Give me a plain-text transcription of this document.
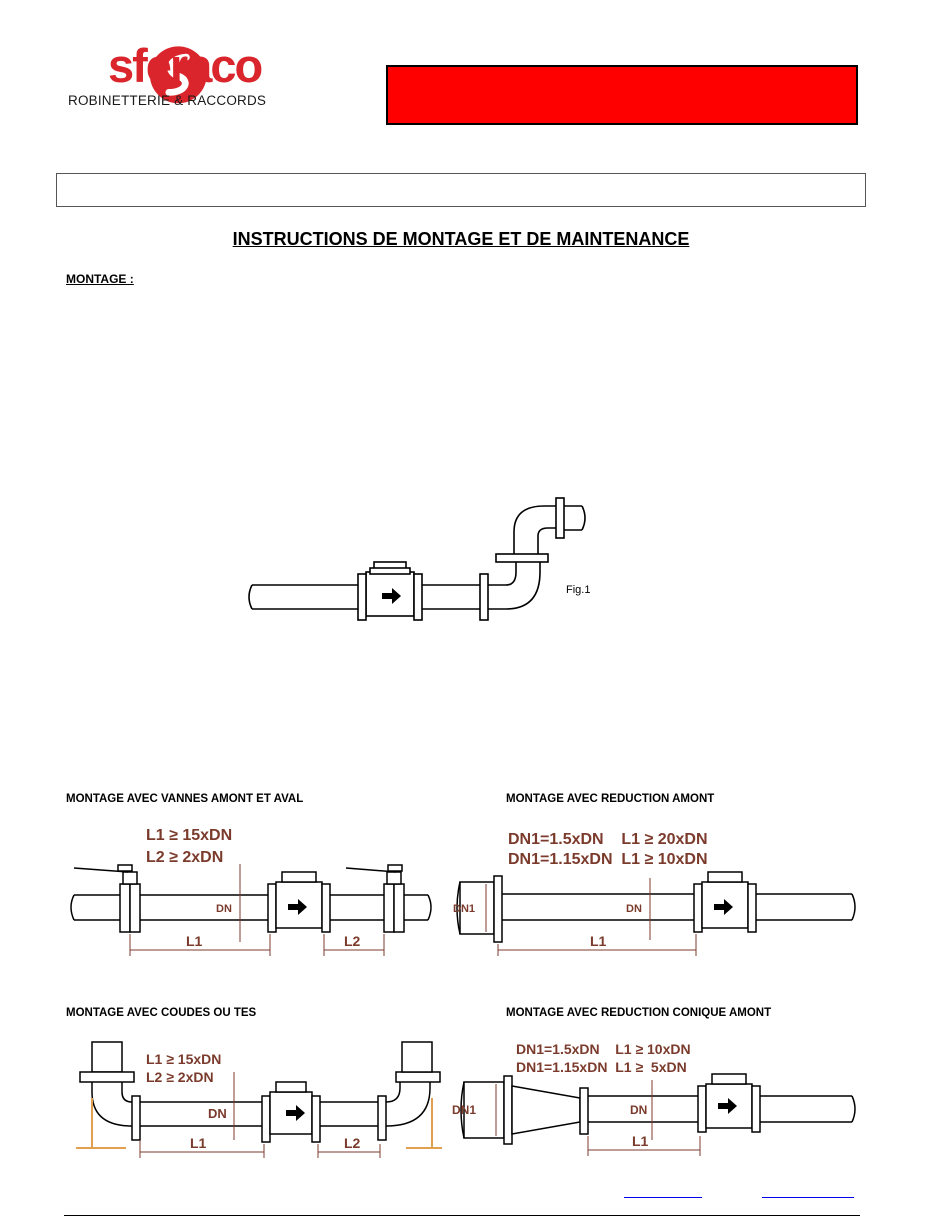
sferaco
ROBINETTERIE & RACCORDS
INSTRUCTIONS DE MONTAGE ET DE MAINTENANCE
MONTAGE :
Fig.1
MONTAGE AVEC VANNES AMONT ET AVAL	MONTAGE AVEC REDUCTION AMONT
MONTAGE AVEC COUDES OU TES	MONTAGE AVEC REDUCTION CONIQUE AMONT
L1 ≥ 15xDN
L2 ≥ 2xDN
DN
L1	L2
DN1=1.5xDN    L1 ≥ 20xDN
DN1=1.15xDN  L1 ≥ 10xDN
DN1	DN
L1
L1 ≥ 15xDN
L2 ≥ 2xDN
DN
L1	L2
DN1=1.5xDN    L1 ≥ 10xDN
DN1=1.15xDN  L1 ≥  5xDN
DN1	DN
L1
